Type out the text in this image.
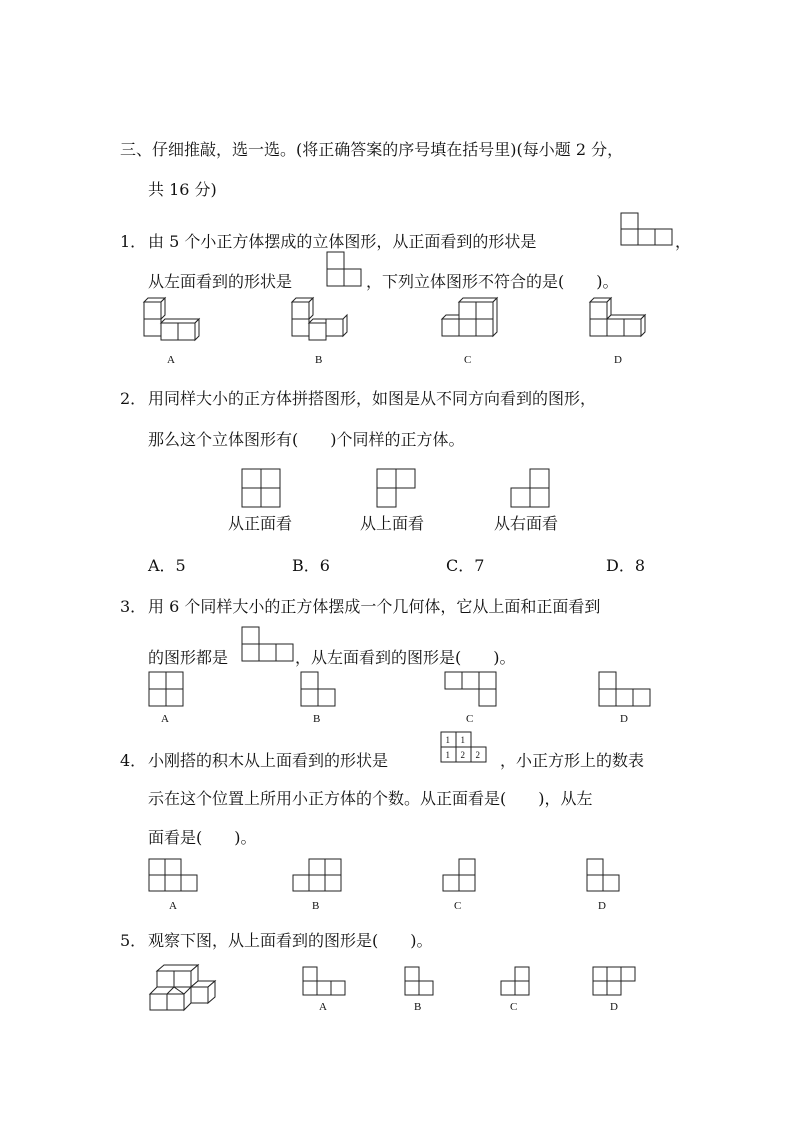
三、仔细推敲，选一选。(将正确答案的序号填在括号里)(每小题 2 分，
共 16 分)
1． 由 5 个小正方体摆成的立体图形，从正面看到的形状是	，
从左面看到的形状是	，下列立体图形不符合的是(　　)。
A	B	C	D
2． 用同样大小的正方体拼搭图形，如图是从不同方向看到的图形，
那么这个立体图形有(　　)个同样的正方体。
从正面看	从上面看	从右面看
A．5	B．6	C．7	D．8
3． 用 6 个同样大小的正方体摆成一个几何体，它从上面和正面看到
的图形都是	，从左面看到的图形是(　　)。
A	B	C	D
4． 小刚搭的积木从上面看到的形状是
1 1
1 2 2 ，小正方形上的数表
示在这个位置上所用小正方体的个数。从正面看是(　　)，从左
面看是(　　)。
A	B	C	D
5． 观察下图，从上面看到的图形是(　　)。
A	B	C	D
